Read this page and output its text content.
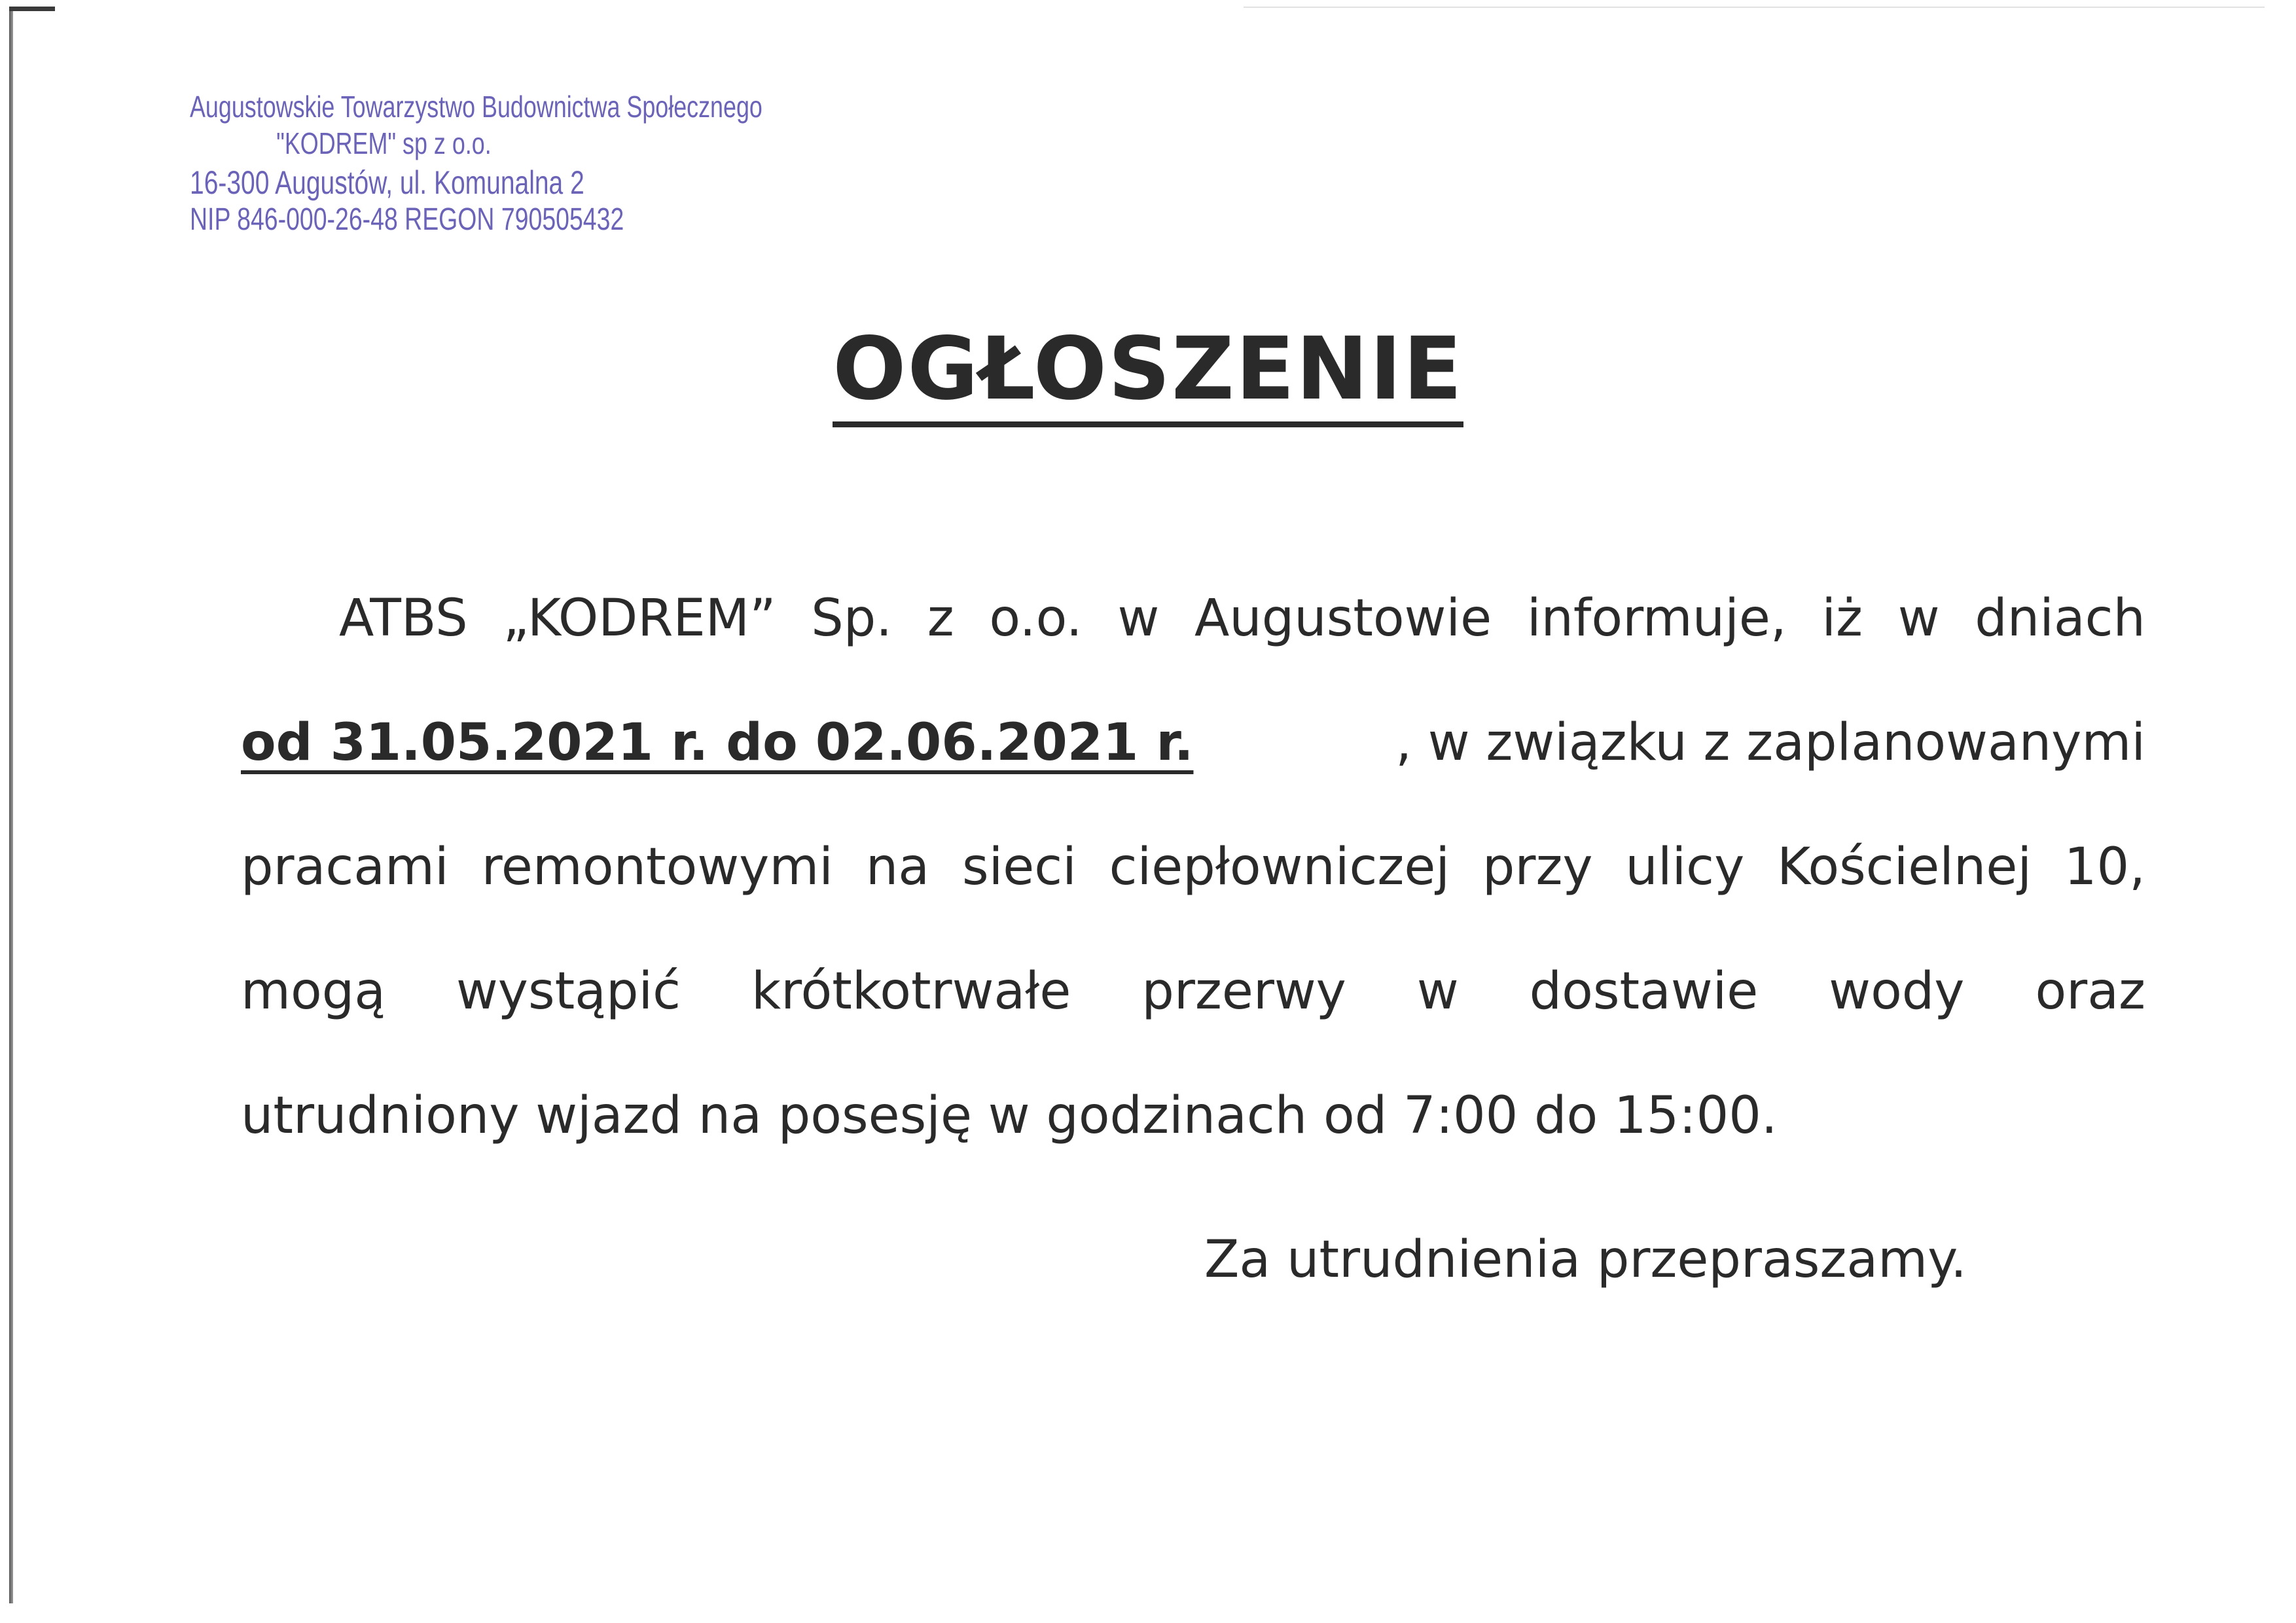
Augustowskie Towarzystwo Budownictwa Społecznego
"KODREM" sp z o.o.
16-300 Augustów, ul. Komunalna 2
NIP 846-000-26-48 REGON 790505432
OGŁOSZENIE
ATBS „KODREM” Sp. z o.o. w Augustowie informuje, iż w dniach
od 31.05.2021 r. do 02.06.2021 r.	, w związku z zaplanowanymi
pracami remontowymi na sieci ciepłowniczej przy ulicy Kościelnej 10,
mogą wystąpić krótkotrwałe przerwy w dostawie wody oraz
utrudniony wjazd na posesję w godzinach od 7:00 do 15:00.
Za utrudnienia przepraszamy.
